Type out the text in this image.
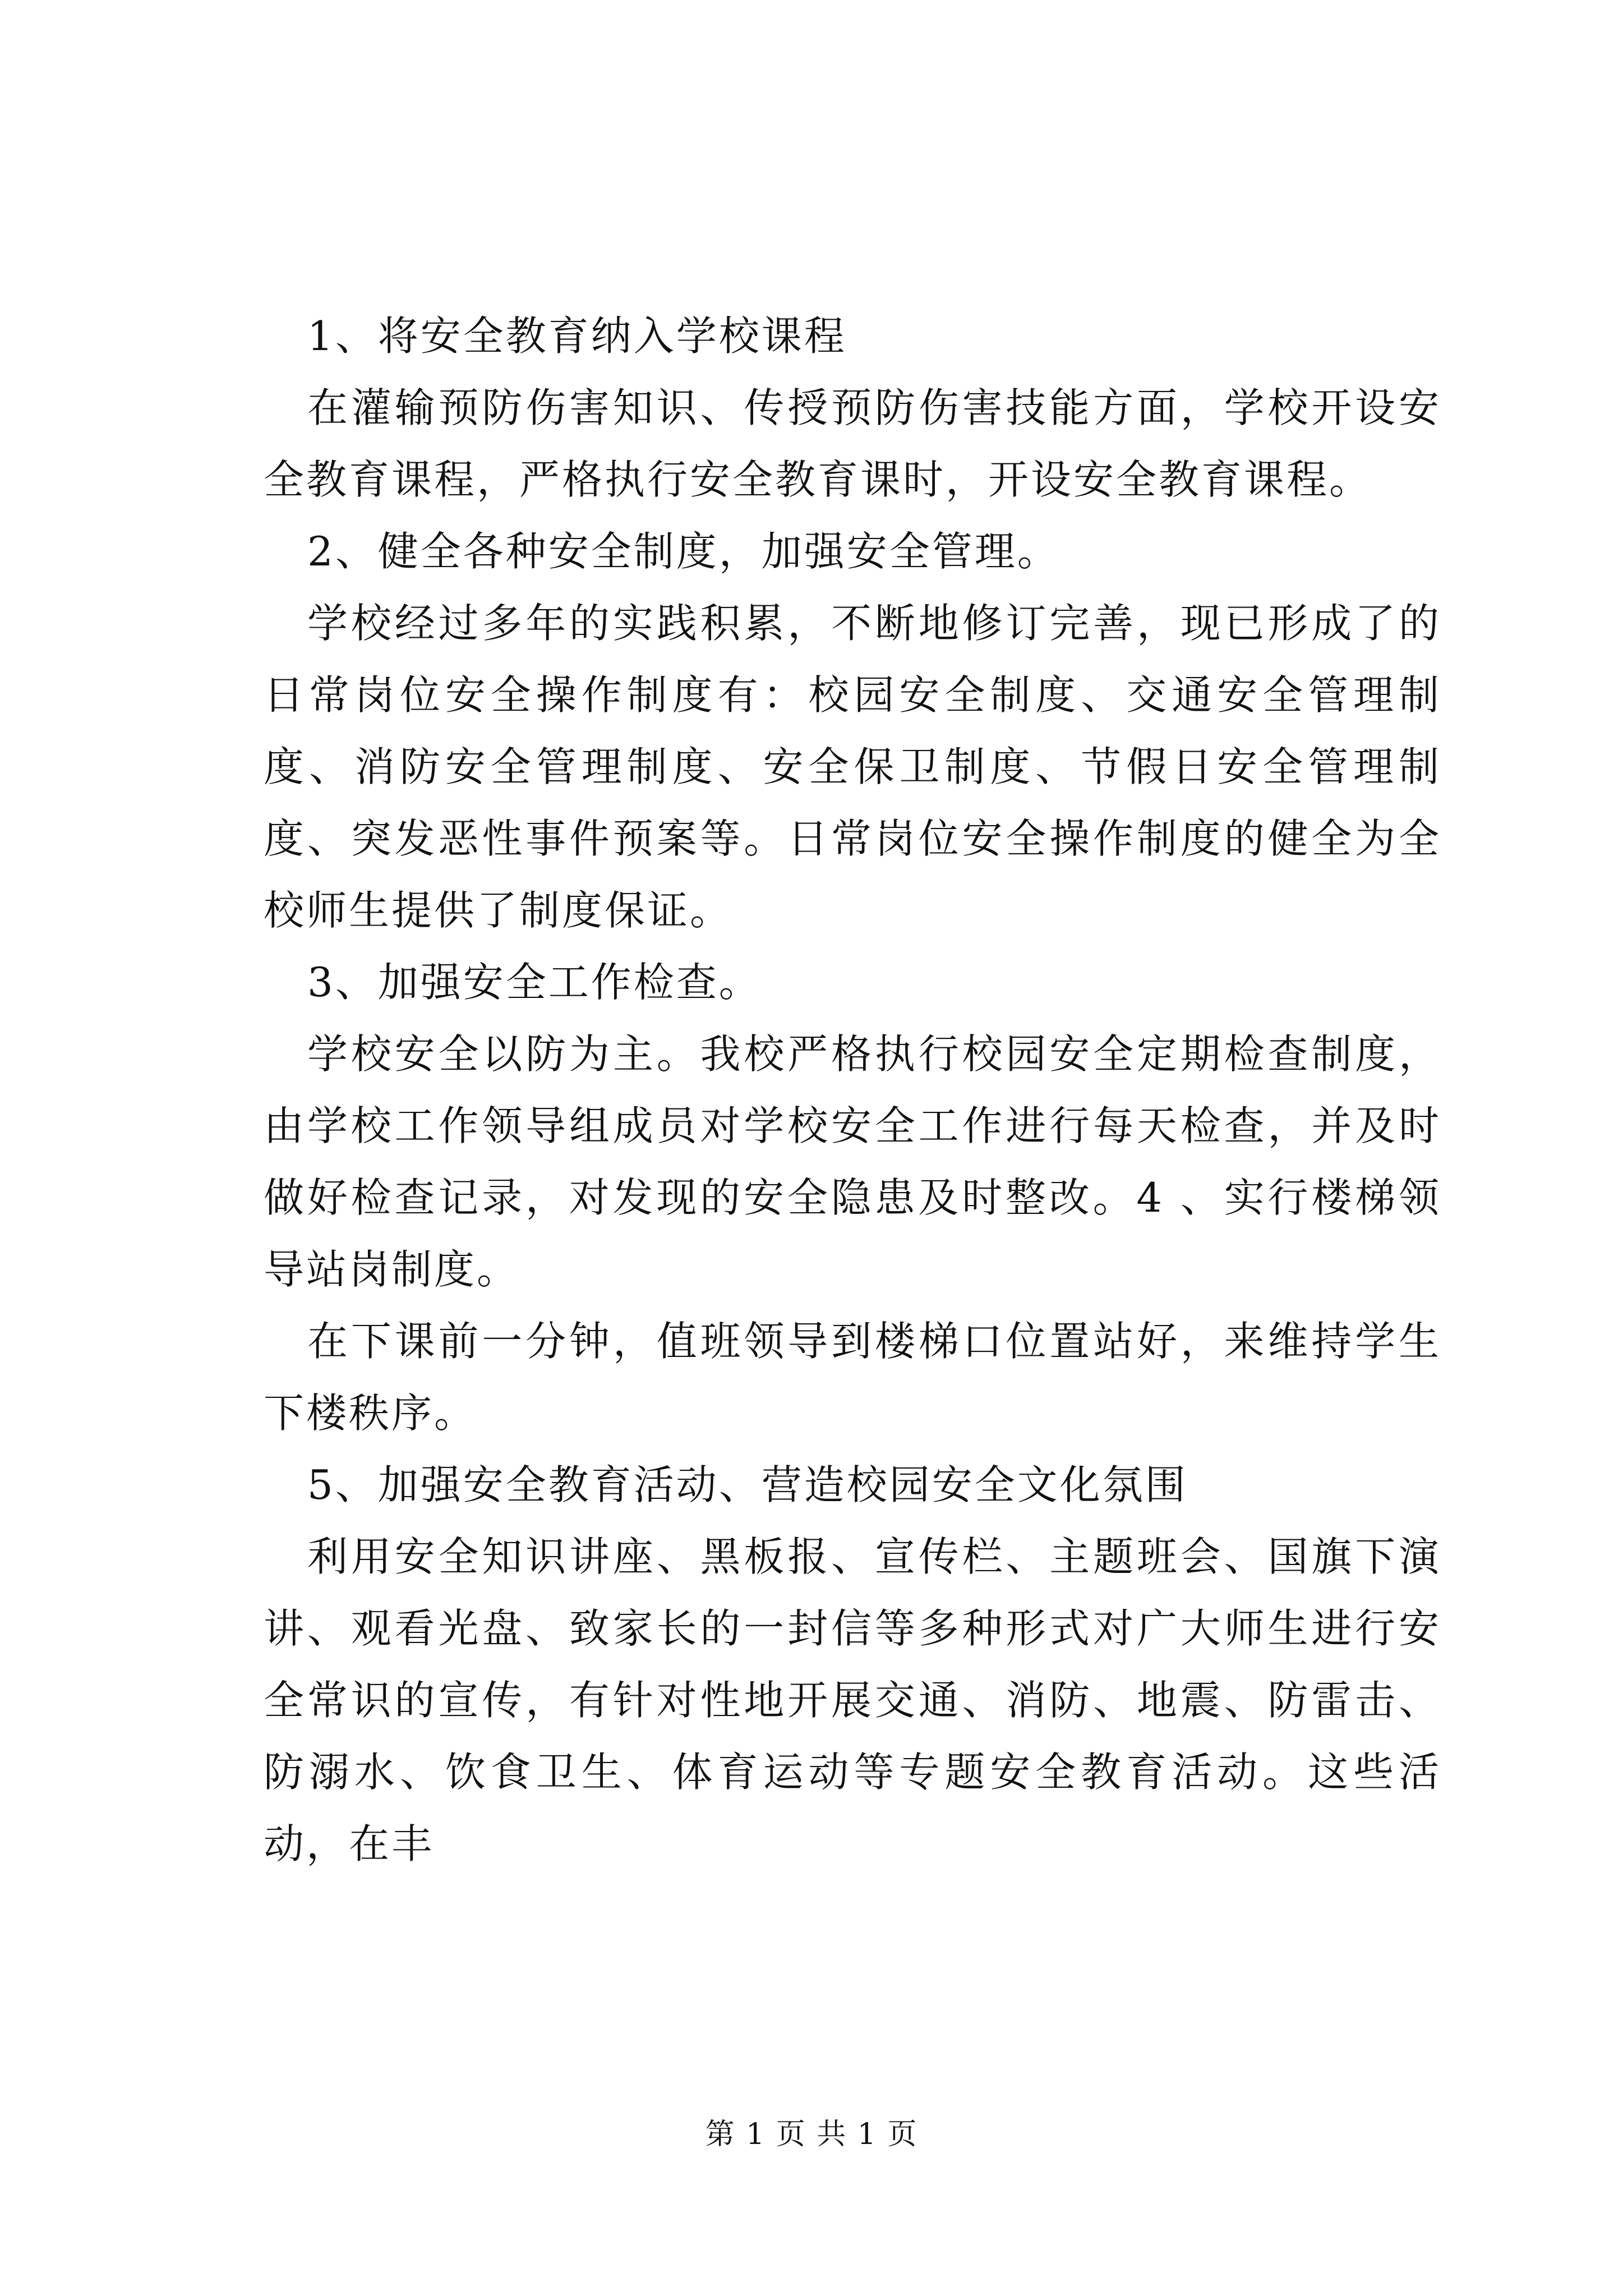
1、将安全教育纳入学校课程

在灌输预防伤害知识、传授预防伤害技能方面，学校开设安全教育课程，严格执行安全教育课时，开设安全教育课程。

2、健全各种安全制度，加强安全管理。

学校经过多年的实践积累，不断地修订完善，现已形成了的日常岗位安全操作制度有：校园安全制度、交通安全管理制度、消防安全管理制度、安全保卫制度、节假日安全管理制度、突发恶性事件预案等。日常岗位安全操作制度的健全为全校师生提供了制度保证。

3、加强安全工作检查。

学校安全以防为主。我校严格执行校园安全定期检查制度，由学校工作领导组成员对学校安全工作进行每天检查，并及时做好检查记录，对发现的安全隐患及时整改。4 、实行楼梯领导站岗制度。

在下课前一分钟，值班领导到楼梯口位置站好，来维持学生下楼秩序。

5、加强安全教育活动、营造校园安全文化氛围

利用安全知识讲座、黑板报、宣传栏、主题班会、国旗下演讲、观看光盘、致家长的一封信等多种形式对广大师生进行安全常识的宣传，有针对性地开展交通、消防、地震、防雷击、防溺水、饮食卫生、体育运动等专题安全教育活动。这些活动，在丰

第 1 页 共 1 页
